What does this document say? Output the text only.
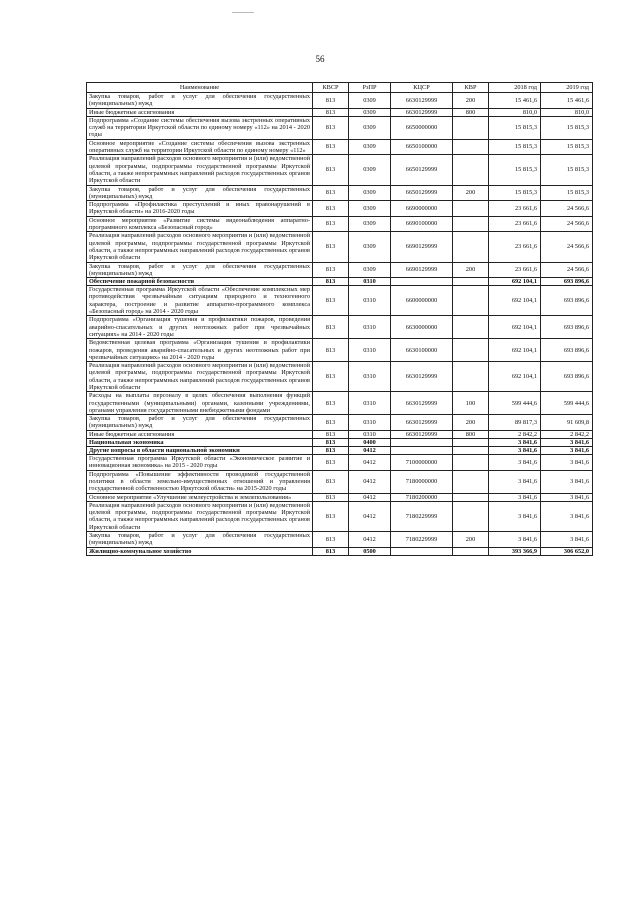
56
Наименование	КВСР	РзПР	КЦСР	КВР	2018 год	2019 год
Закупка товаров, работ и услуг для обеспечения государственных (муниципальных) нужд	813	0309	6630129999	200	15 461,6	15 461,6
Иные бюджетные ассигнования	813	0309	6630129999	800	810,0	810,0
Подпрограмма «Создание системы обеспечения вызова экстренных оперативных служб на территории Иркутской области по единому номеру «112» на 2014 - 2020 годы	813	0309	6650000000		15 815,3	15 815,3
Основное мероприятие «Создание системы обеспечения вызова экстренных оперативных служб на территории Иркутской области по единому номеру «112»	813	0309	6650100000		15 815,3	15 815,3
Реализация направлений расходов основного мероприятия и (или) ведомственной целевой программы, подпрограммы государственной программы Иркутской области, а также непрограммных направлений расходов государственных органов Иркутской области	813	0309	6650129999		15 815,3	15 815,3
Закупка товаров, работ и услуг для обеспечения государственных (муниципальных) нужд	813	0309	6650129999	200	15 815,3	15 815,3
Подпрограмма «Профилактика преступлений и иных правонарушений в Иркутской области» на 2016-2020 годы	813	0309	6690000000		23 661,6	24 566,6
Основное мероприятие «Развитие системы видеонаблюдения аппаратно-программного комплекса «Безопасный город»	813	0309	6690100000		23 661,6	24 566,6
Реализация направлений расходов основного мероприятия и (или) ведомственной целевой программы, подпрограммы государственной программы Иркутской области, а также непрограммных направлений расходов государственных органов Иркутской области	813	0309	6690129999		23 661,6	24 566,6
Закупка товаров, работ и услуг для обеспечения государственных (муниципальных) нужд	813	0309	6690129999	200	23 661,6	24 566,6
Обеспечение пожарной безопасности	813	0310			692 104,1	693 896,6
Государственная программа Иркутской области «Обеспечение комплексных мер противодействия чрезвычайным ситуациям природного и техногенного характера, построение и развитие аппаратно-программного комплекса «Безопасный город» на 2014 - 2020 годы	813	0310	6600000000		692 104,1	693 896,6
Подпрограмма «Организация тушения и профилактики пожаров, проведения аварийно-спасательных и других неотложных работ при чрезвычайных ситуациях» на 2014 - 2020 годы	813	0310	6630000000		692 104,1	693 896,6
Ведомственная целевая программа «Организация тушения и профилактики пожаров, проведения аварийно-спасательных и других неотложных работ при чрезвычайных ситуациях» на 2014 - 2020 годы	813	0310	6630100000		692 104,1	693 896,6
Реализация направлений расходов основного мероприятия и (или) ведомственной целевой программы, подпрограммы государственной программы Иркутской области, а также непрограммных направлений расходов государственных органов Иркутской области	813	0310	6630129999		692 104,1	693 896,6
Расходы на выплаты персоналу в целях обеспечения выполнения функций государственными (муниципальными) органами, казенными учреждениями, органами управления государственными внебюджетными фондами	813	0310	6630129999	100	599 444,6	599 444,6
Закупка товаров, работ и услуг для обеспечения государственных (муниципальных) нужд	813	0310	6630129999	200	89 817,3	91 609,8
Иные бюджетные ассигнования	813	0310	6630129999	800	2 842,2	2 842,2
Национальная экономика	813	0400			3 841,6	3 841,6
Другие вопросы в области национальной экономики	813	0412			3 841,6	3 841,6
Государственная программа Иркутской области «Экономическое развитие и инновационная экономика» на 2015 - 2020 годы	813	0412	7100000000		3 841,6	3 841,6
Подпрограмма «Повышение эффективности проводимой государственной политики в области земельно-имущественных отношений и управления государственной собственностью Иркутской области» на 2015-2020 годы	813	0412	7180000000		3 841,6	3 841,6
Основное мероприятие «Улучшение землеустройства и землепользования»	813	0412	7180200000		3 841,6	3 841,6
Реализация направлений расходов основного мероприятия и (или) ведомственной целевой программы, подпрограммы государственной программы Иркутской области, а также непрограммных направлений расходов государственных органов Иркутской области	813	0412	7180229999		3 841,6	3 841,6
Закупка товаров, работ и услуг для обеспечения государственных (муниципальных) нужд	813	0412	7180229999	200	3 841,6	3 841,6
Жилищно-коммунальное хозяйство	813	0500			393 366,9	306 652,0
